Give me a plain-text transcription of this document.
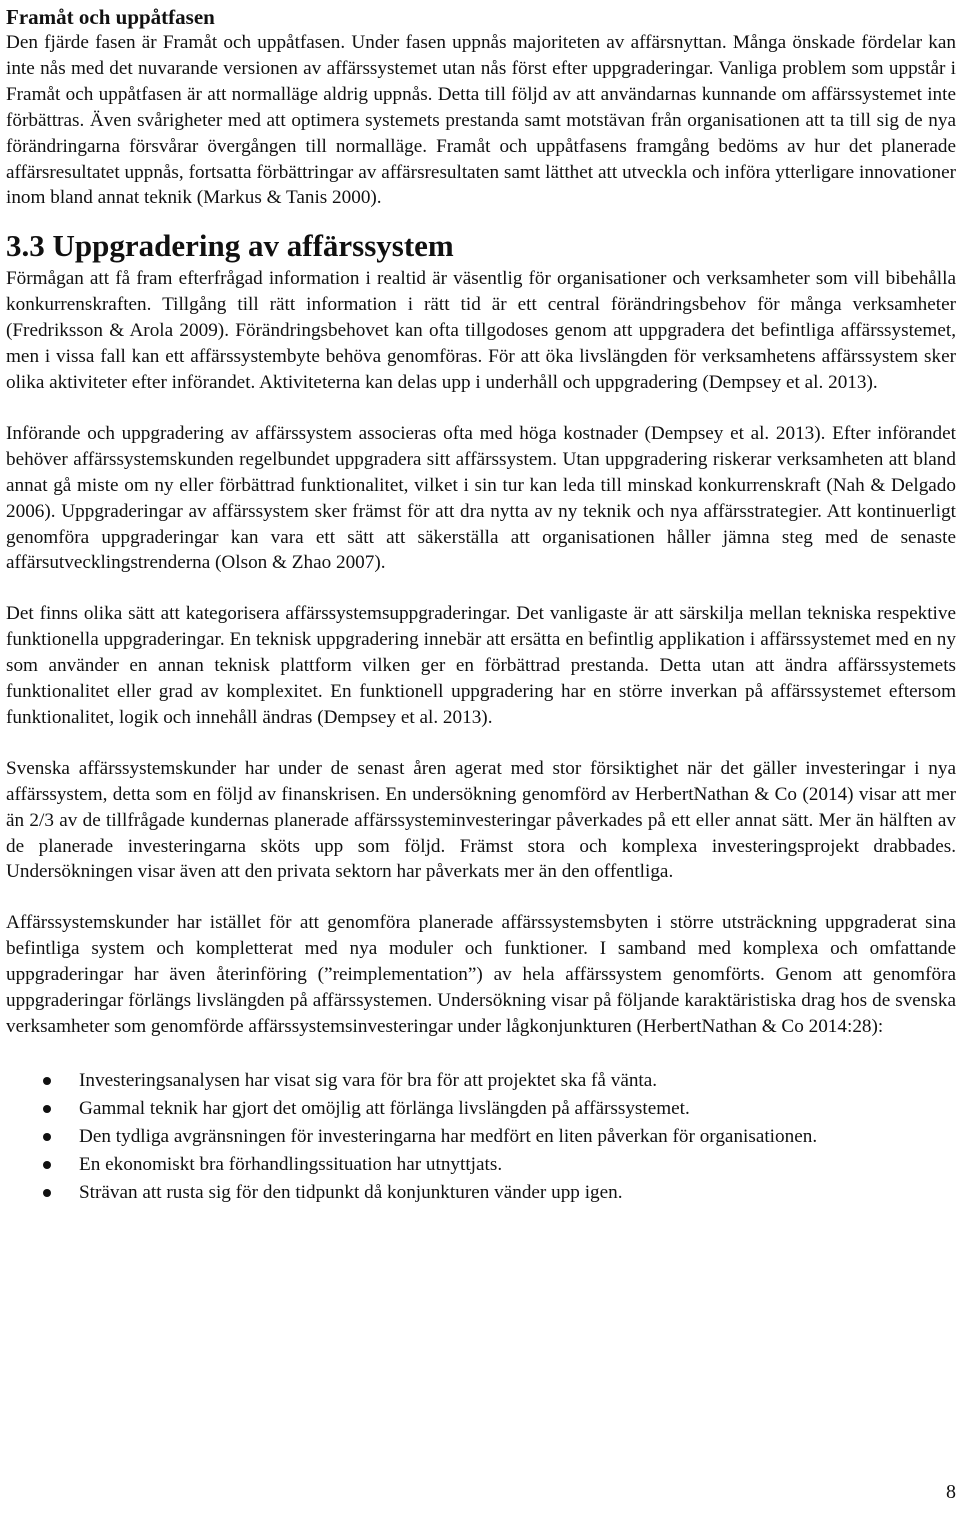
Framåt och uppåtfasen

Den fjärde fasen är Framåt och uppåtfasen. Under fasen uppnås majoriteten av affärsnyttan. Många önskade fördelar kan inte nås med det nuvarande versionen av affärssystemet utan nås först efter uppgraderingar. Vanliga problem som uppstår i Framåt och uppåtfasen är att normalläge aldrig uppnås. Detta till följd av att användarnas kunnande om affärssystemet inte förbättras. Även svårigheter med att optimera systemets prestanda samt motstävan från organisationen att ta till sig de nya förändringarna försvårar övergången till normalläge. Framåt och uppåtfasens framgång bedöms av hur det planerade affärsresultatet uppnås, fortsatta förbättringar av affärsresultaten samt lätthet att utveckla och införa ytterligare innovationer inom bland annat teknik (Markus & Tanis 2000).

3.3 Uppgradering av affärssystem

Förmågan att få fram efterfrågad information i realtid är väsentlig för organisationer och verksamheter som vill bibehålla konkurrenskraften. Tillgång till rätt information i rätt tid är ett central förändringsbehov för många verksamheter (Fredriksson & Arola 2009). Förändringsbehovet kan ofta tillgodoses genom att uppgradera det befintliga affärssystemet, men i vissa fall kan ett affärssystembyte behöva genomföras. För att öka livslängden för verksamhetens affärssystem sker olika aktiviteter efter införandet. Aktiviteterna kan delas upp i underhåll och uppgradering (Dempsey et al. 2013).

Införande och uppgradering av affärssystem associeras ofta med höga kostnader (Dempsey et al. 2013). Efter införandet behöver affärssystemskunden regelbundet uppgradera sitt affärssystem. Utan uppgradering riskerar verksamheten att bland annat gå miste om ny eller förbättrad funktionalitet, vilket i sin tur kan leda till minskad konkurrenskraft (Nah & Delgado 2006). Uppgraderingar av affärssystem sker främst för att dra nytta av ny teknik och nya affärsstrategier. Att kontinuerligt genomföra uppgraderingar kan vara ett sätt att säkerställa att organisationen håller jämna steg med de senaste affärsutvecklingstrenderna (Olson & Zhao 2007).

Det finns olika sätt att kategorisera affärssystemsuppgraderingar. Det vanligaste är att särskilja mellan tekniska respektive funktionella uppgraderingar. En teknisk uppgradering innebär att ersätta en befintlig applikation i affärssystemet med en ny som använder en annan teknisk plattform vilken ger en förbättrad prestanda. Detta utan att ändra affärssystemets funktionalitet eller grad av komplexitet. En funktionell uppgradering har en större inverkan på affärssystemet eftersom funktionalitet, logik och innehåll ändras (Dempsey et al. 2013).

Svenska affärssystemskunder har under de senast åren agerat med stor försiktighet när det gäller investeringar i nya affärssystem, detta som en följd av finanskrisen. En undersökning genomförd av HerbertNathan & Co (2014) visar att mer än 2/3 av de tillfrågade kundernas planerade affärssysteminvesteringar påverkades på ett eller annat sätt. Mer än hälften av de planerade investeringarna sköts upp som följd. Främst stora och komplexa investeringsprojekt drabbades. Undersökningen visar även att den privata sektorn har påverkats mer än den offentliga.

Affärssystemskunder har istället för att genomföra planerade affärssystemsbyten i större utsträckning uppgraderat sina befintliga system och kompletterat med nya moduler och funktioner. I samband med komplexa och omfattande uppgraderingar har även återinföring (”reimplementation”) av hela affärssystem genomförts. Genom att genomföra uppgraderingar förlängs livslängden på affärssystemen. Undersökning visar på följande karaktäristiska drag hos de svenska verksamheter som genomförde affärssystemsinvesteringar under lågkonjunkturen (HerbertNathan & Co 2014:28):

Investeringsanalysen har visat sig vara för bra för att projektet ska få vänta.
Gammal teknik har gjort det omöjlig att förlänga livslängden på affärssystemet.
Den tydliga avgränsningen för investeringarna har medfört en liten påverkan för organisationen.
En ekonomiskt bra förhandlingssituation har utnyttjats.
Strävan att rusta sig för den tidpunkt då konjunkturen vänder upp igen.
8
